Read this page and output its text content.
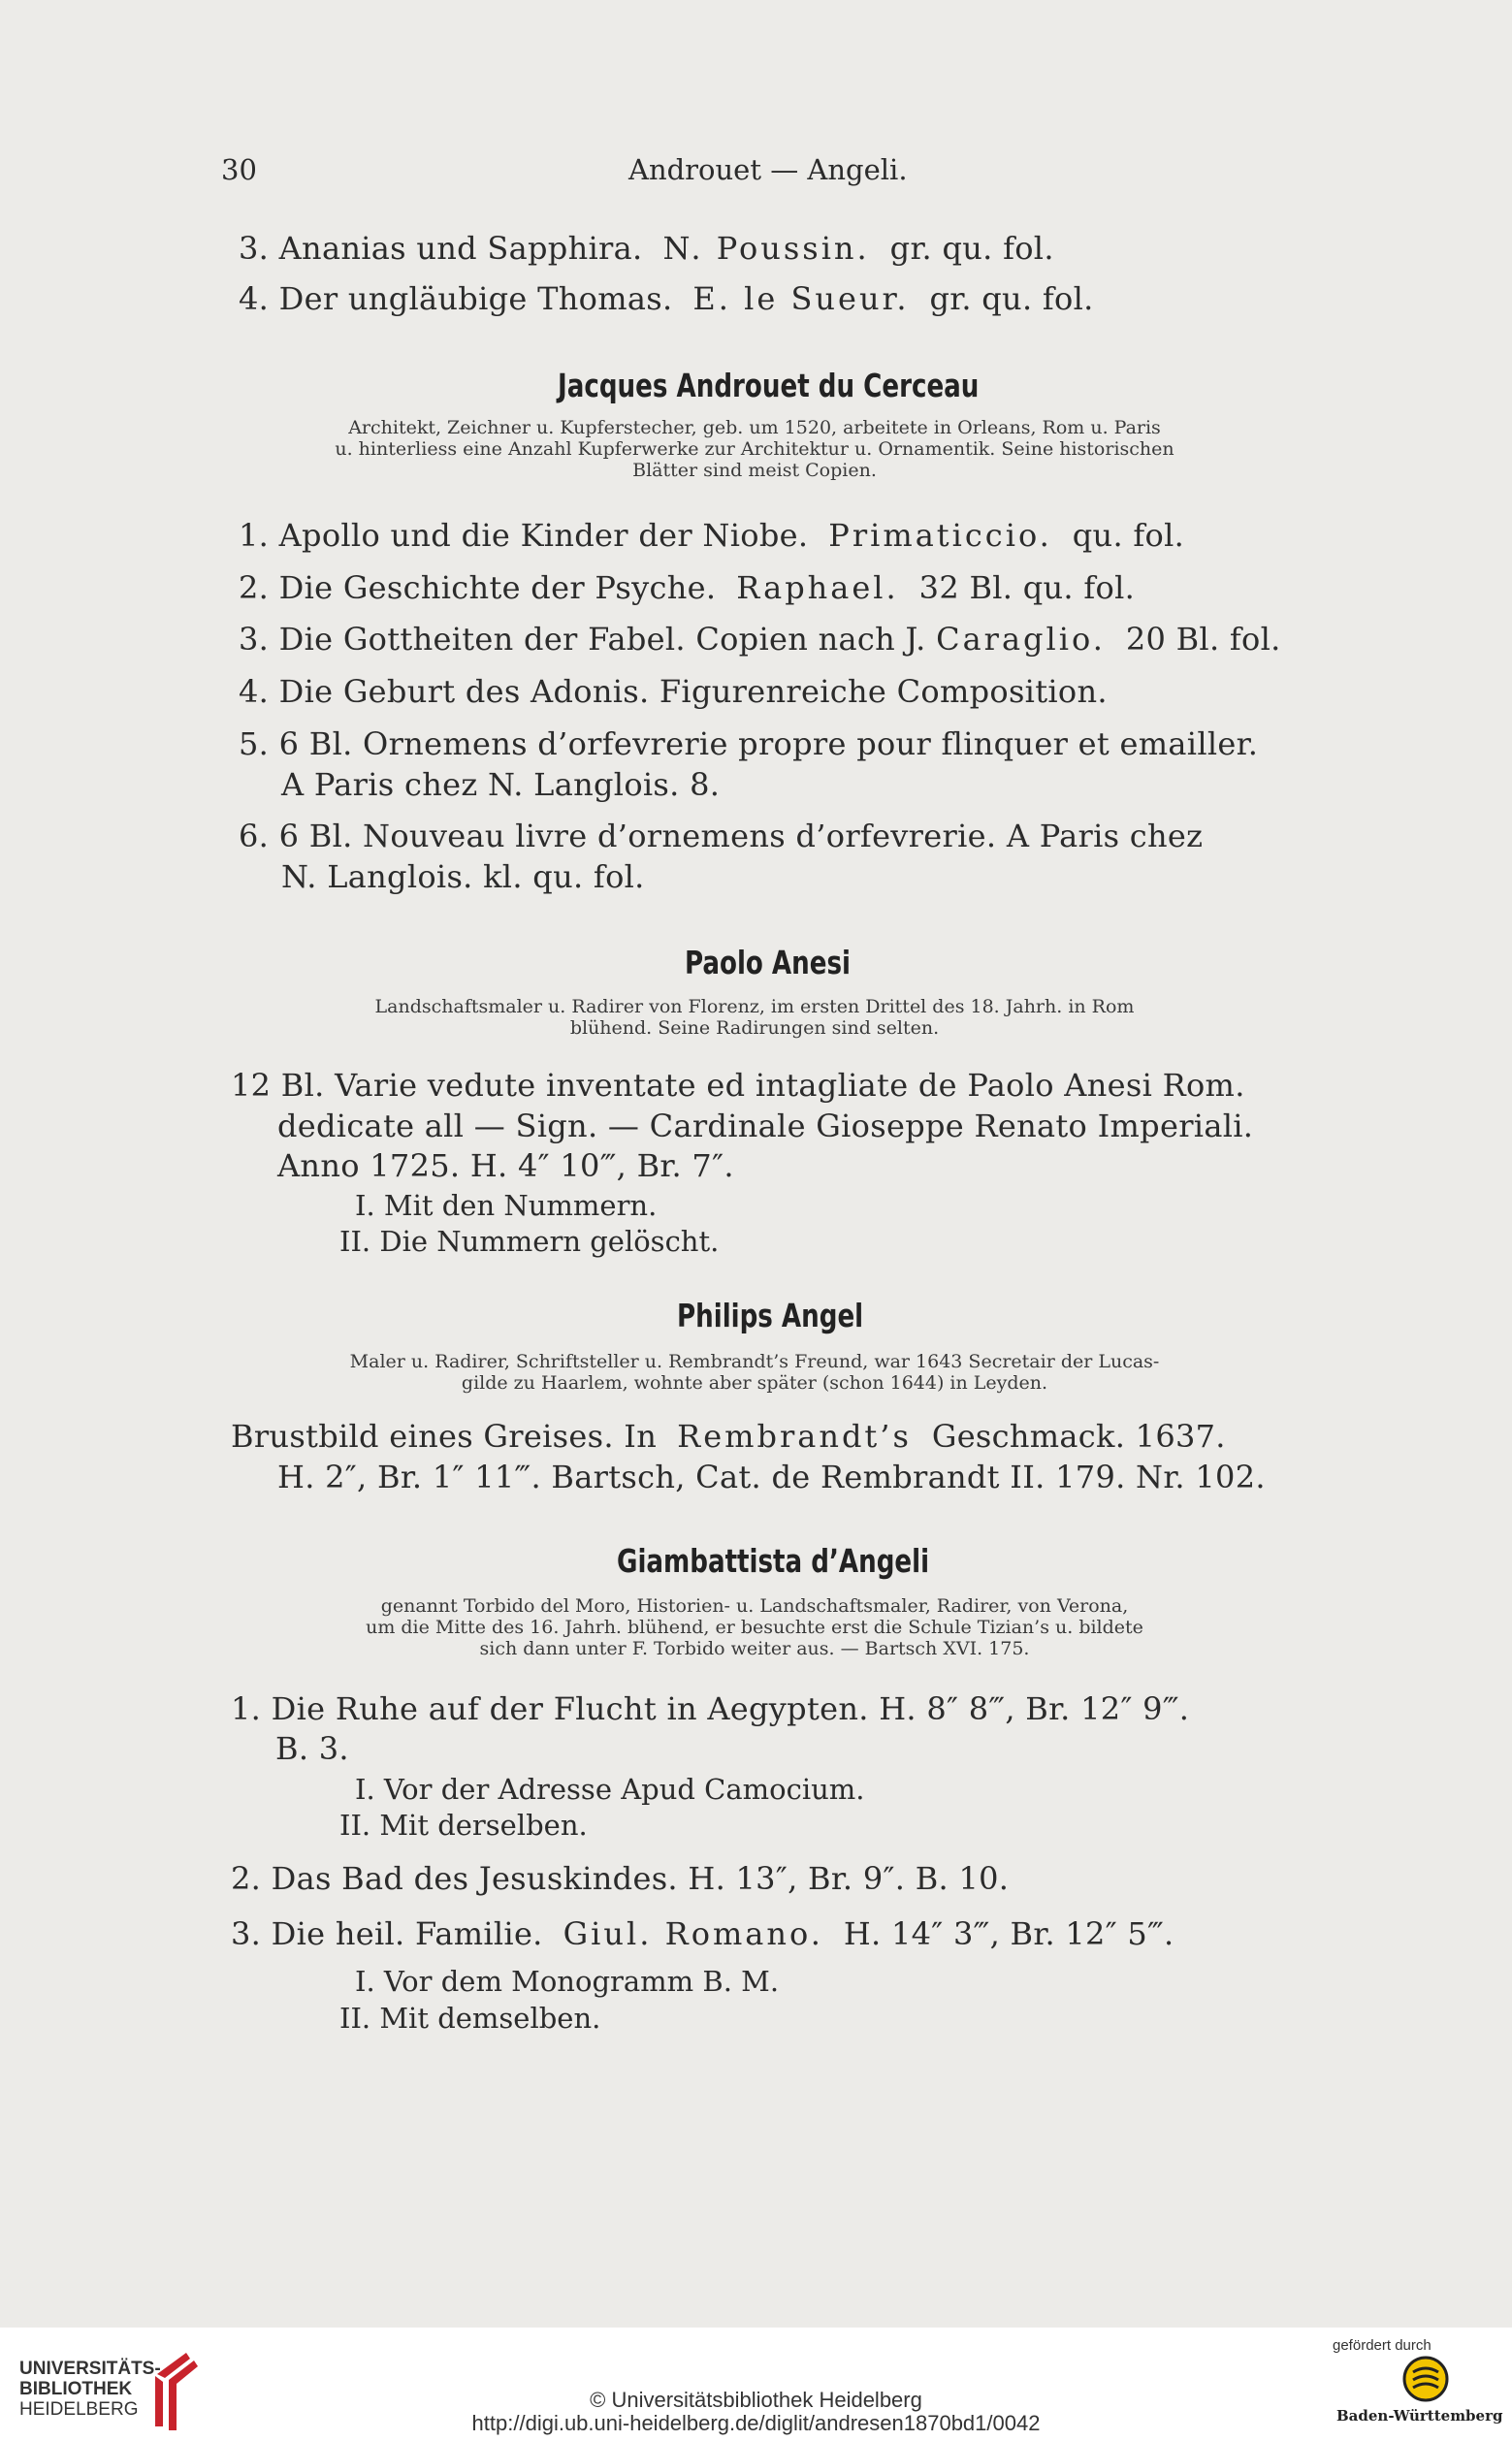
30	Androuet — Angeli.
3. Ananias und Sapphira. N. Poussin. gr. qu. fol.
4. Der ungläubige Thomas. E. le Sueur. gr. qu. fol.
Jacques Androuet du Cerceau
Architekt, Zeichner u. Kupferstecher, geb. um 1520, arbeitete in Orleans, Rom u. Paris
u. hinterliess eine Anzahl Kupferwerke zur Architektur u. Ornamentik. Seine historischen
Blätter sind meist Copien.
1. Apollo und die Kinder der Niobe. Primaticcio. qu. fol.
2. Die Geschichte der Psyche. Raphael. 32 Bl. qu. fol.
3. Die Gottheiten der Fabel. Copien nach J. Caraglio. 20 Bl. fol.
4. Die Geburt des Adonis. Figurenreiche Composition.
5. 6 Bl. Ornemens d’orfevrerie propre pour flinquer et emailler.
A Paris chez N. Langlois. 8.
6. 6 Bl. Nouveau livre d’ornemens d’orfevrerie. A Paris chez
N. Langlois. kl. qu. fol.
Paolo Anesi
Landschaftsmaler u. Radirer von Florenz, im ersten Drittel des 18. Jahrh. in Rom
blühend. Seine Radirungen sind selten.
12 Bl. Varie vedute inventate ed intagliate de Paolo Anesi Rom.
dedicate all — Sign. — Cardinale Gioseppe Renato Imperiali.
Anno 1725. H. 4″ 10‴, Br. 7″.
I. Mit den Nummern.
II. Die Nummern gelöscht.
Philips Angel
Maler u. Radirer, Schriftsteller u. Rembrandt’s Freund, war 1643 Secretair der Lucas-
gilde zu Haarlem, wohnte aber später (schon 1644) in Leyden.
Brustbild eines Greises. In Rembrandt’s Geschmack. 1637.
H. 2″, Br. 1″ 11‴. Bartsch, Cat. de Rembrandt II. 179. Nr. 102.
Giambattista d’Angeli
genannt Torbido del Moro, Historien- u. Landschaftsmaler, Radirer, von Verona,
um die Mitte des 16. Jahrh. blühend, er besuchte erst die Schule Tizian’s u. bildete
sich dann unter F. Torbido weiter aus. — Bartsch XVI. 175.
1. Die Ruhe auf der Flucht in Aegypten. H. 8″ 8‴, Br. 12″ 9‴.
B. 3.
I. Vor der Adresse Apud Camocium.
II. Mit derselben.
2. Das Bad des Jesuskindes. H. 13″, Br. 9″. B. 10.
3. Die heil. Familie. Giul. Romano. H. 14″ 3‴, Br. 12″ 5‴.
I. Vor dem Monogramm B. M.
II. Mit demselben.
UNIVERSITÄTS-
BIBLIOTHEK
HEIDELBERG	© Universitätsbibliothek Heidelberg
http://digi.ub.uni-heidelberg.de/diglit/andresen1870bd1/0042
gefördert durch
Baden-Württemberg
